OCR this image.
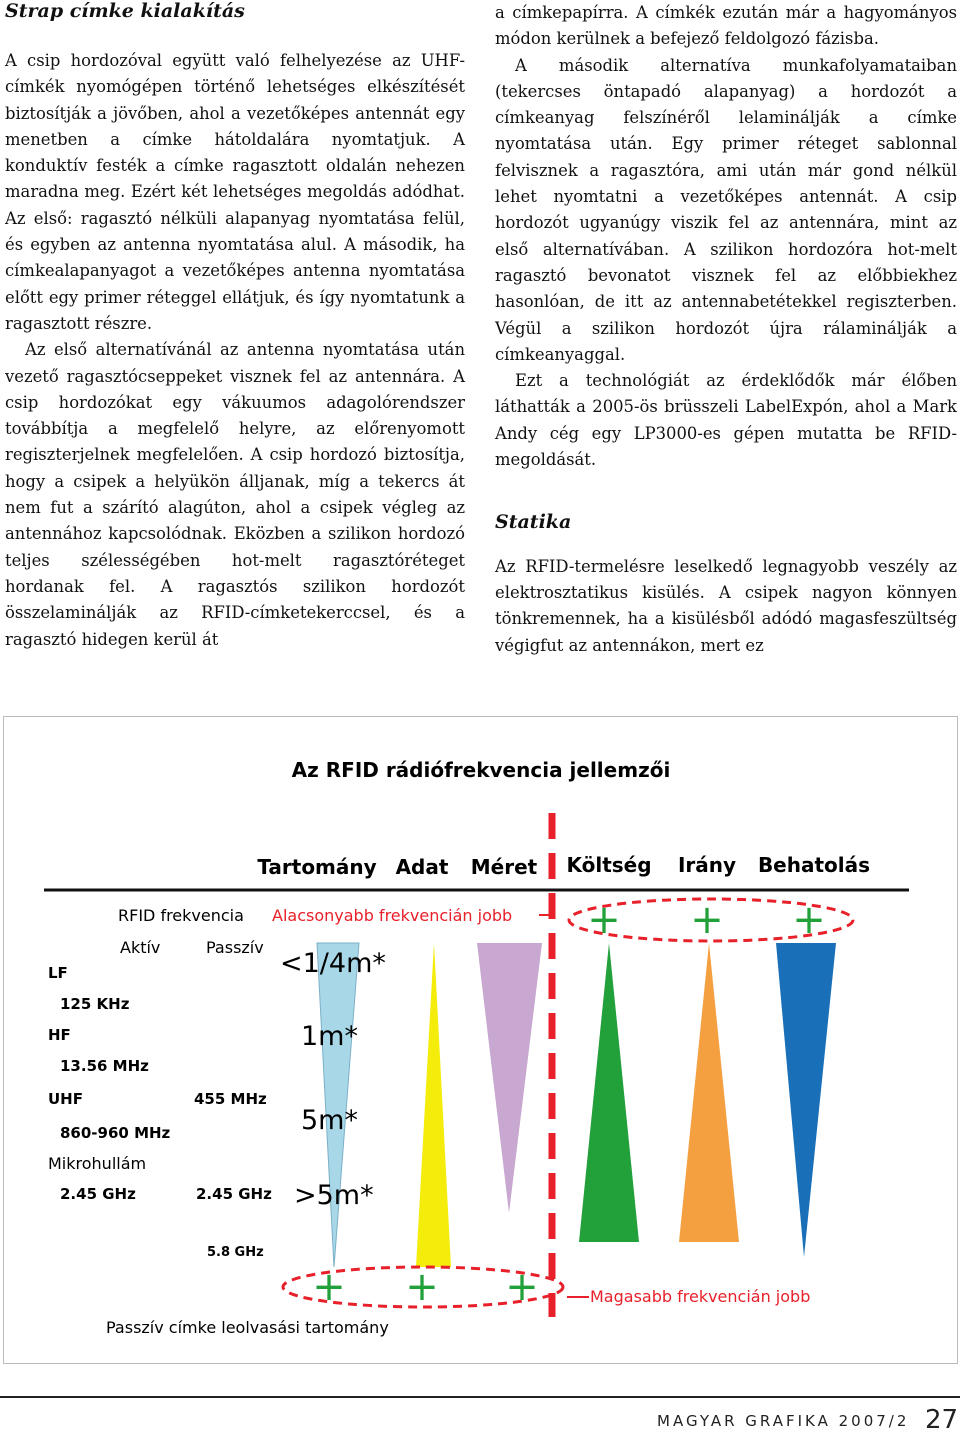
Strap címke kialakítás

A csip hordozóval együtt való felhelyezése az UHF-címkék nyomógépen történő lehetséges elkészítését biztosítják a jövőben, ahol a vezetőképes antennát egy menetben a címke hátoldalára nyomtatjuk. A konduktív festék a címke ragasztott oldalán nehezen maradna meg. Ezért két lehetséges megoldás adódhat. Az első: ragasztó nélküli alapanyag nyomtatása felül, és egyben az antenna nyomtatása alul. A második, ha címkealapanyagot a vezetőképes antenna nyomtatása előtt egy primer réteggel ellátjuk, és így nyomtatunk a ragasztott részre.

Az első alternatívánál az antenna nyomtatása után vezető ragasztócseppeket visznek fel az antennára. A csip hordozókat egy vákuumos adagolórendszer továbbítja a megfelelő helyre, az előrenyomott regiszterjelnek megfelelően. A csip hordozó biztosítja, hogy a csipek a helyükön álljanak, míg a tekercs át nem fut a szárító alagúton, ahol a csipek végleg az antennához kapcsolódnak. Eközben a szilikon hordozó teljes szélességében hot-melt ragasztóréteget hordanak fel. A ragasztós szilikon hordozót összelaminálják az RFID-címketekerccsel, és a ragasztó hidegen kerül át

a címkepapírra. A címkék ezután már a hagyományos módon kerülnek a befejező feldolgozó fázisba.

A második alternatíva munkafolyamataiban (tekercses öntapadó alapanyag) a hordozót a címkeanyag felszínéről lelaminálják a címke nyomtatása után. Egy primer réteget sablonnal felvisznek a ragasztóra, ami után már gond nélkül lehet nyomtatni a vezetőképes antennát. A csip hordozót ugyanúgy viszik fel az antennára, mint az első alternatívában. A szilikon hordozóra hot-melt ragasztó bevonatot visznek fel az előbbiekhez hasonlóan, de itt az antennabetétekkel regiszterben. Végül a szilikon hordozót újra rálaminálják a címkeanyaggal.

Ezt a technológiát az érdeklődők már élőben láthatták a 2005-ös brüsszeli LabelExpón, ahol a Mark Andy cég egy LP3000-es gépen mutatta be RFID-megoldását.

Statika

Az RFID-termelésre leselkedő legnagyobb veszély az elektrosztatikus kisülés. A csipek nagyon könnyen tönkremennek, ha a kisülésből adódó magasfeszültség végigfut az antennákon, mert ez

Az RFID rádiófrekvencia jellemzői
Tartomány Adat Méret Költség Irány Behatolás
RFID frekvencia Alacsonyabb frekvencián jobb
Aktív	Passzív
+ + +
+ + +
<1/4m*
1m*
5m*
>5m*
LF
125 KHz
HF
13.56 MHz
UHF	455 MHz
860-960 MHz
Mikrohullám
2.45 GHz	2.45 GHz
5.8 GHz
Magasabb frekvencián jobb
Passzív címke leolvasási tartomány
MAGYAR GRAFIKA 2007/2 27
